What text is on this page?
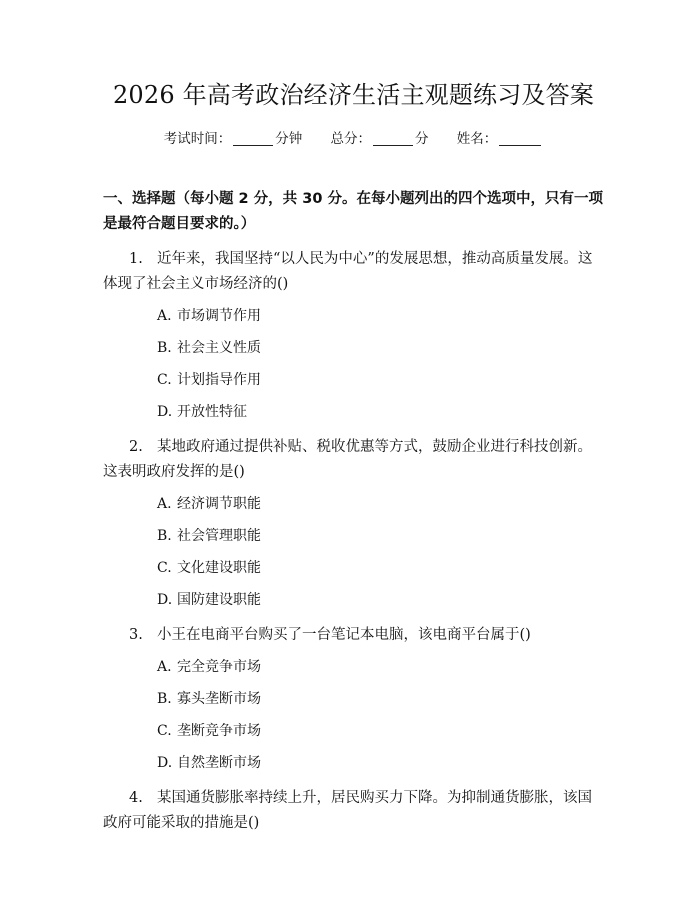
2026 年高考政治经济生活主观题练习及答案
考试时间：	分钟 总分：	分 姓名：
一、选择题（每小题 2 分，共 30 分。在每小题列出的四个选项中，只有一项是最符合题目要求的。）
1. 近年来，我国坚持“以人民为中心”的发展思想，推动高质量发展。这体现了社会主义市场经济的()
A. 市场调节作用
B. 社会主义性质
C. 计划指导作用
D. 开放性特征
2. 某地政府通过提供补贴、税收优惠等方式，鼓励企业进行科技创新。这表明政府发挥的是()
A. 经济调节职能
B. 社会管理职能
C. 文化建设职能
D. 国防建设职能
3. 小王在电商平台购买了一台笔记本电脑，该电商平台属于()
A. 完全竞争市场
B. 寡头垄断市场
C. 垄断竞争市场
D. 自然垄断市场
4. 某国通货膨胀率持续上升，居民购买力下降。为抑制通货膨胀，该国政府可能采取的措施是()
